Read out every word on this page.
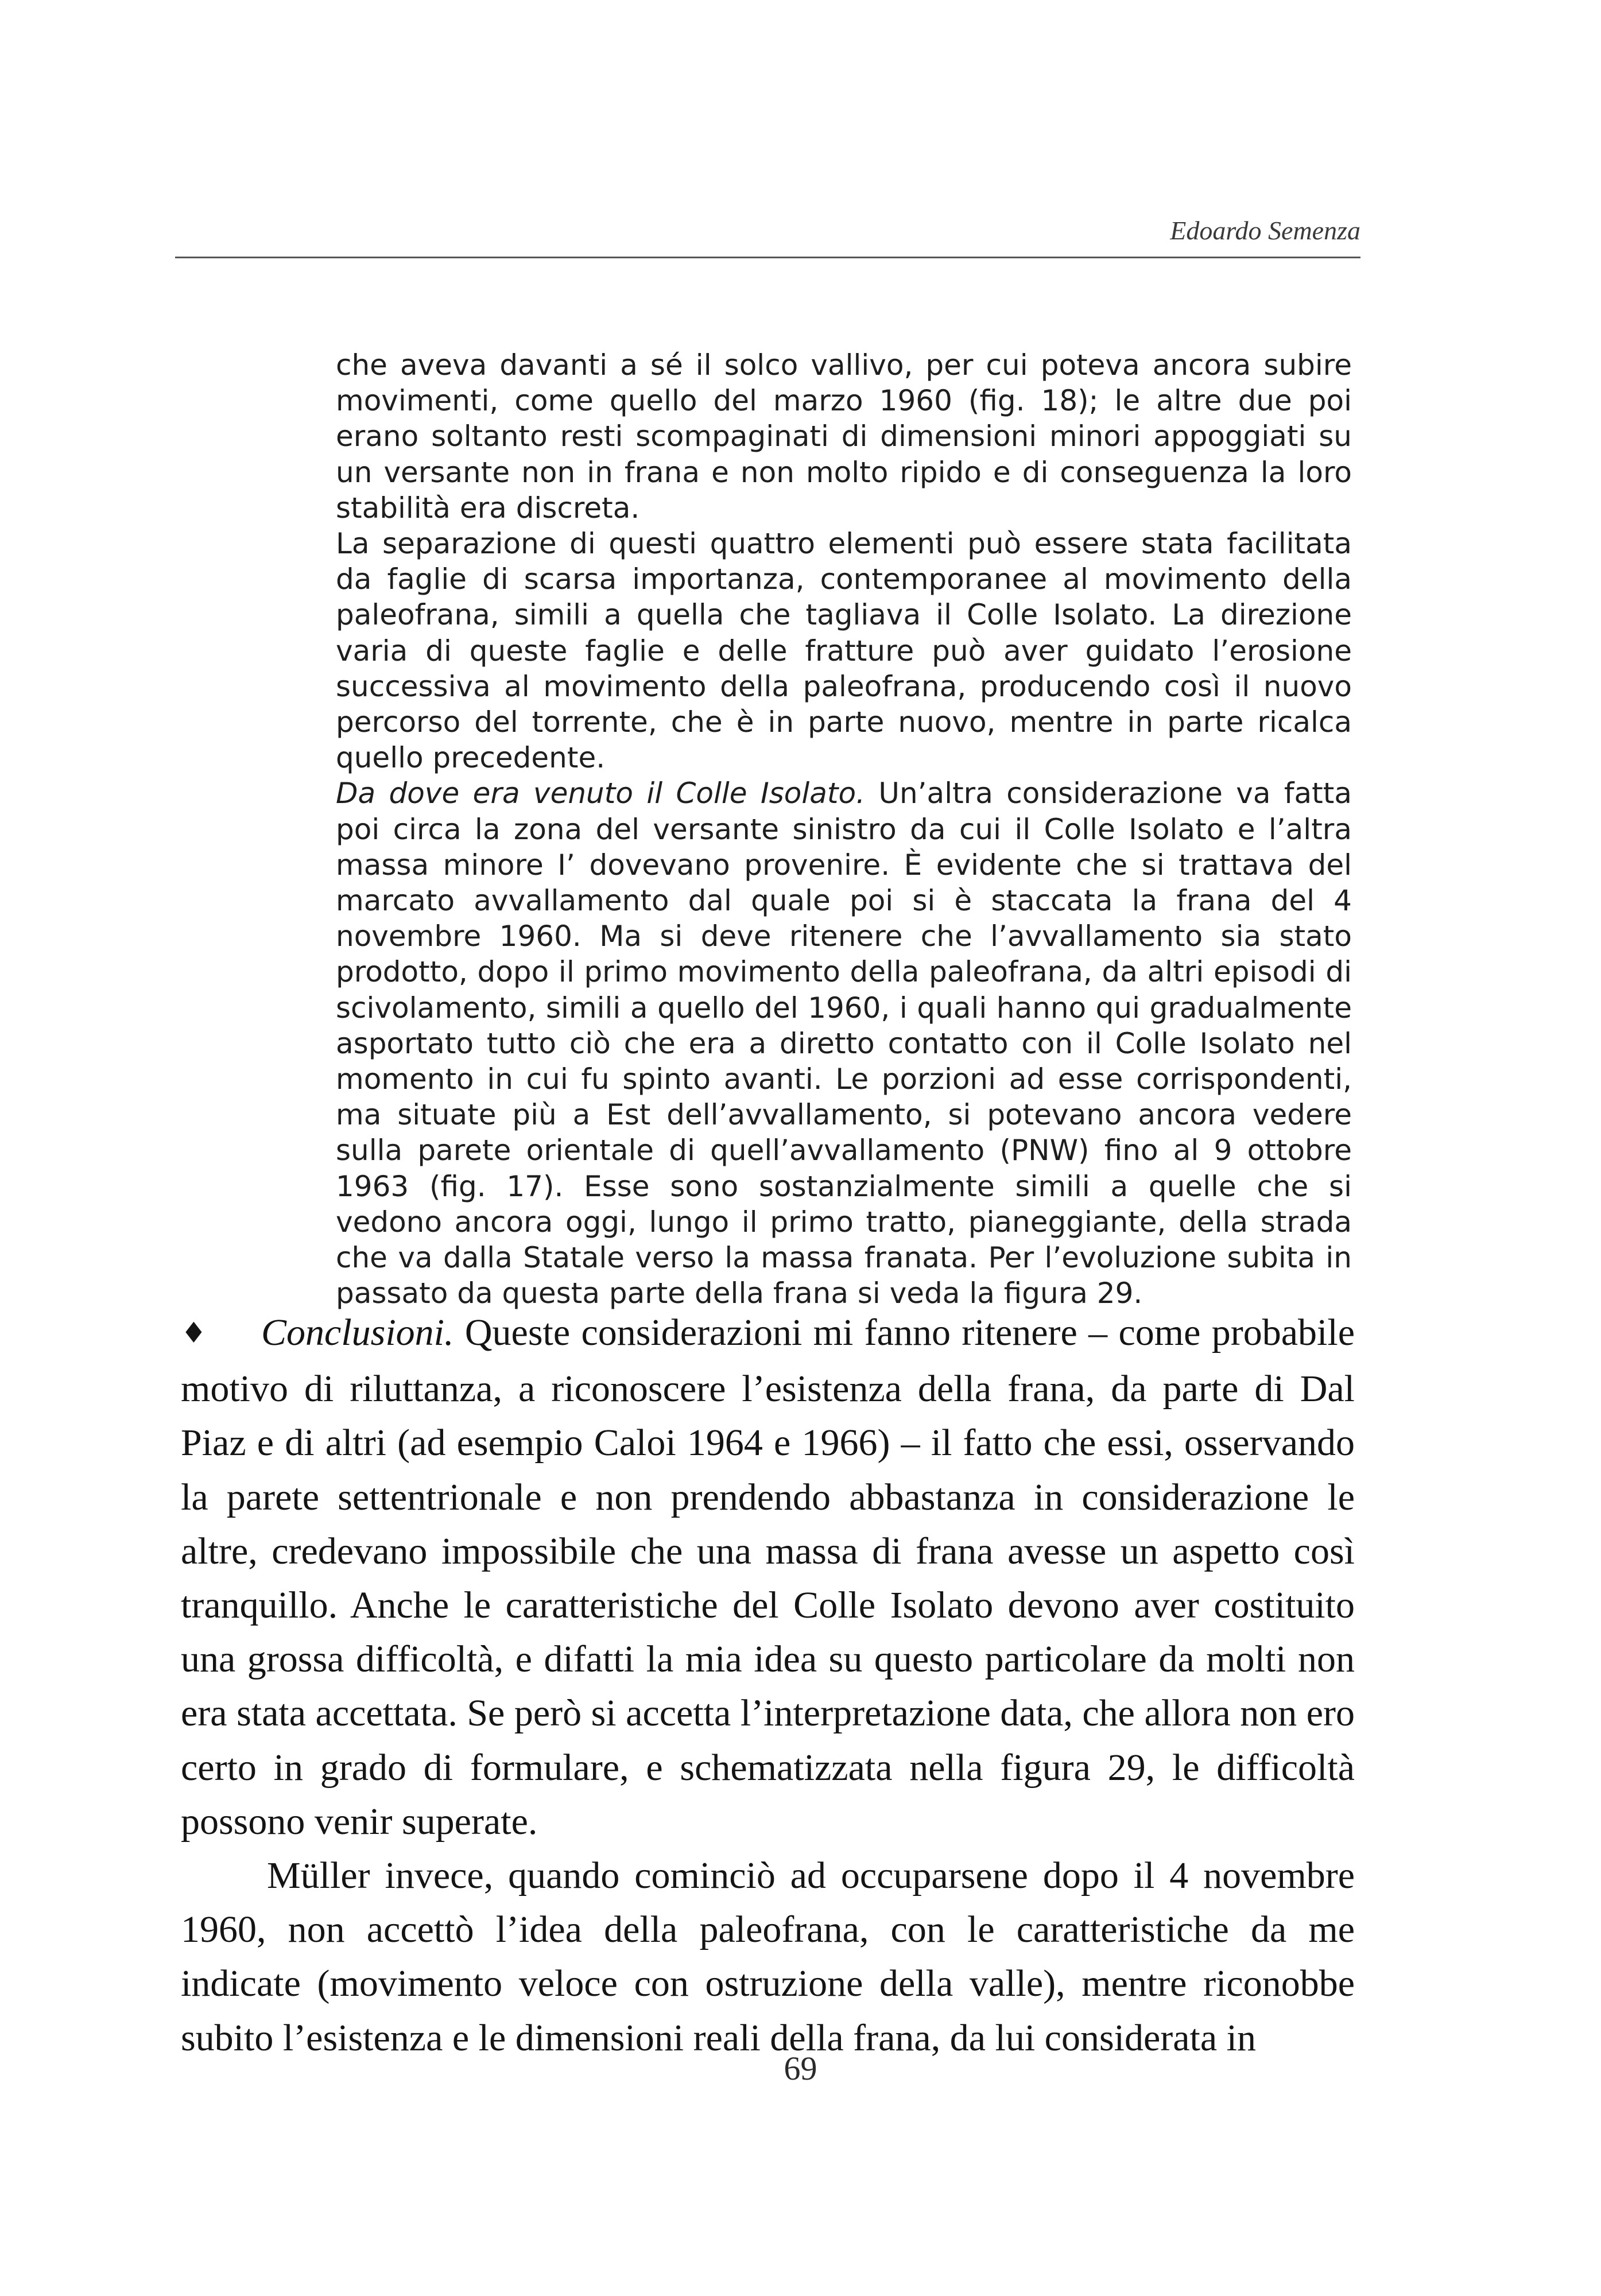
Edoardo Semenza

che aveva davanti a sé il solco vallivo, per cui poteva ancora subire movimenti, come quello del marzo 1960 (fig. 18); le altre due poi erano soltanto resti scompaginati di dimensioni minori appoggiati su un versante non in frana e non molto ripido e di conseguenza la loro stabilità era discreta.

La separazione di questi quattro elementi può essere stata facilitata da faglie di scarsa importanza, contemporanee al movimento della paleofrana, simili a quella che tagliava il Colle Isolato. La direzione varia di queste faglie e delle fratture può aver guidato l’erosione successiva al movimento della paleofrana, producendo così il nuovo percorso del torrente, che è in parte nuovo, mentre in parte ricalca quello precedente.

Da dove era venuto il Colle Isolato. Un’altra considerazione va fatta poi circa la zona del versante sinistro da cui il Colle Isolato e l’altra massa minore I’ dovevano provenire. È evidente che si trattava del marcato avvallamento dal quale poi si è staccata la frana del 4 novembre 1960. Ma si deve ritenere che l’avvallamento sia stato prodotto, dopo il primo movimento della paleofrana, da altri episodi di scivolamento, simili a quello del 1960, i quali hanno qui gradualmente asportato tutto ciò che era a diretto contatto con il Colle Isolato nel momento in cui fu spinto avanti. Le porzioni ad esse corrispondenti, ma situate più a Est dell’avvallamento, si potevano ancora vedere sulla parete orientale di quell’avvallamento (PNW) fino al 9 ottobre 1963 (fig. 17). Esse sono sostanzialmente simili a quelle che si vedono ancora oggi, lungo il primo tratto, pianeggiante, della strada che va dalla Statale verso la massa franata. Per l’evoluzione subita in passato da questa parte della frana si veda la figura 29.

♦ Conclusioni. Queste considerazioni mi fanno ritenere – come probabile motivo di riluttanza, a riconoscere l’esistenza della frana, da parte di Dal Piaz e di altri (ad esempio Caloi 1964 e 1966) – il fatto che essi, osservando la parete settentrionale e non prendendo abbastanza in considerazione le altre, credevano impossibile che una massa di frana avesse un aspetto così tranquillo. Anche le caratteristiche del Colle Isolato devono aver costituito una grossa difficoltà, e difatti la mia idea su questo particolare da molti non era stata accettata. Se però si accetta l’interpretazione data, che allora non ero certo in grado di formulare, e schematizzata nella figura 29, le difficoltà possono venir superate.

Müller invece, quando cominciò ad occuparsene dopo il 4 novembre 1960, non accettò l’idea della paleofrana, con le caratteristiche da me indicate (movimento veloce con ostruzione della valle), mentre riconobbe subito l’esistenza e le dimensioni reali della frana, da lui considerata in

69
